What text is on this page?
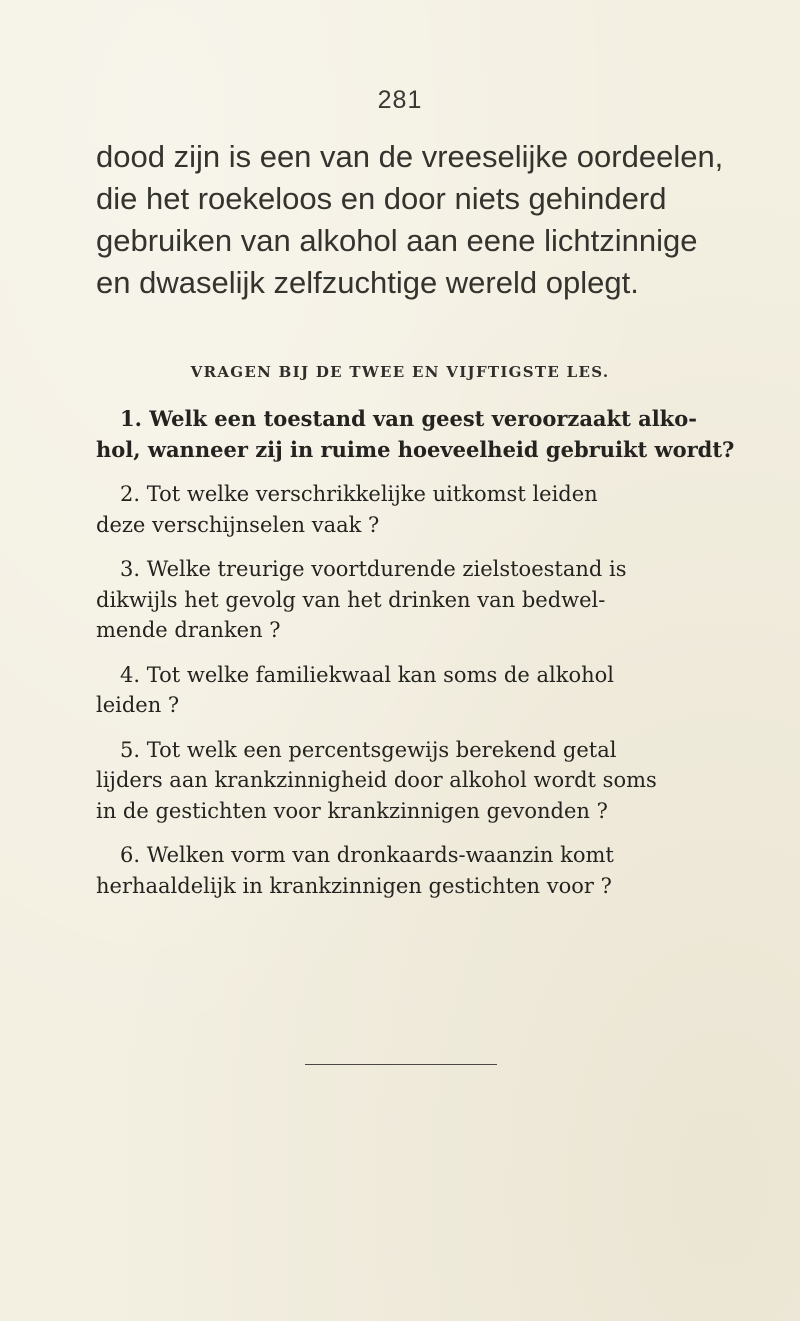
281
dood zijn is een van de vreeselijke oordeelen,
die het roekeloos en door niets gehinderd
gebruiken van alkohol aan eene lichtzinnige
en dwaselijk zelfzuchtige wereld oplegt.
VRAGEN BIJ DE TWEE EN VIJFTIGSTE LES.
1. Welk een toestand van geest veroorzaakt alko-
hol, wanneer zij in ruime hoeveelheid gebruikt wordt?
2. Tot welke verschrikkelijke uitkomst leiden
deze verschijnselen vaak ?
3. Welke treurige voortdurende zielstoestand is
dikwijls het gevolg van het drinken van bedwel-
mende dranken ?
4. Tot welke familiekwaal kan soms de alkohol
leiden ?
5. Tot welk een percentsgewijs berekend getal
lijders aan krankzinnigheid door alkohol wordt soms
in de gestichten voor krankzinnigen gevonden ?
6. Welken vorm van dronkaards-waanzin komt
herhaaldelijk in krankzinnigen gestichten voor ?
